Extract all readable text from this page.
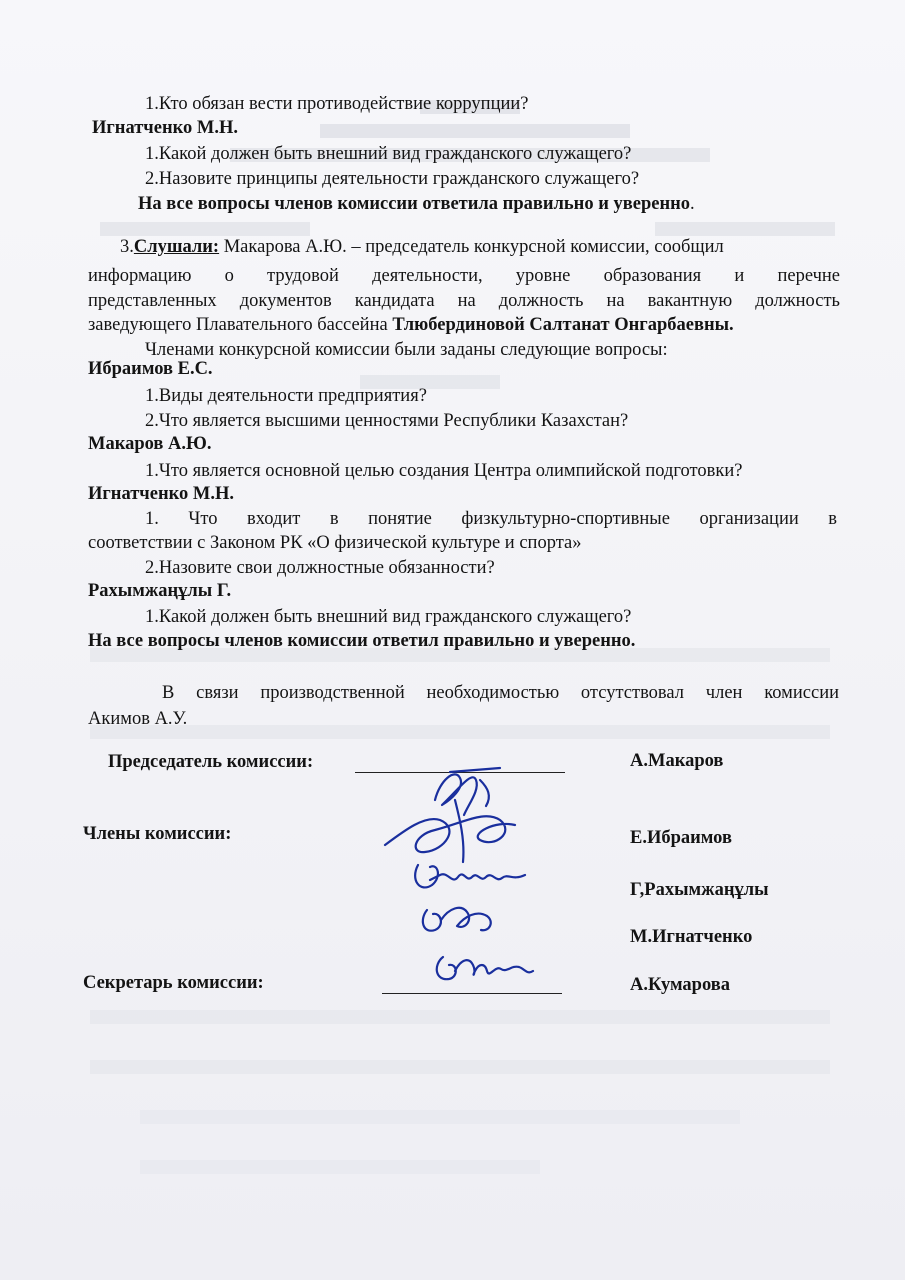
1.Кто обязан вести противодействие коррупции?
Игнатченко М.Н.
1.Какой должен быть внешний вид гражданского служащего?
2.Назовите принципы деятельности гражданского служащего?
На все вопросы членов комиссии ответила правильно и уверенно.
3.Слушали: Макарова А.Ю. – председатель конкурсной комиссии, сообщил
информацию о трудовой деятельности, уровне образования и перечне
представленных документов кандидата на должность на вакантную должность
заведующего Плавательного бассейна Тлюбердиновой Салтанат Онгарбаевны.
Членами конкурсной комиссии были заданы следующие вопросы:
Ибраимов Е.С.
1.Виды деятельности предприятия?
2.Что является высшими ценностями Республики Казахстан?
Макаров А.Ю.
1.Что является основной целью создания Центра олимпийской подготовки?
Игнатченко М.Н.
1. Что входит в понятие физкультурно-спортивные организации в
соответствии с Законом РК «О физической культуре и спорта»
2.Назовите свои должностные обязанности?
Рахымжаңұлы Г.
1.Какой должен быть внешний вид гражданского служащего?
На все вопросы членов комиссии ответил правильно и уверенно.
В связи производственной необходимостью отсутствовал член комиссии
Акимов А.У.
Председатель комиссии:	А.Макаров
Члены комиссии:	Е.Ибраимов
Г,Рахымжаңұлы
М.Игнатченко
Секретарь комиссии:	А.Кумарова
